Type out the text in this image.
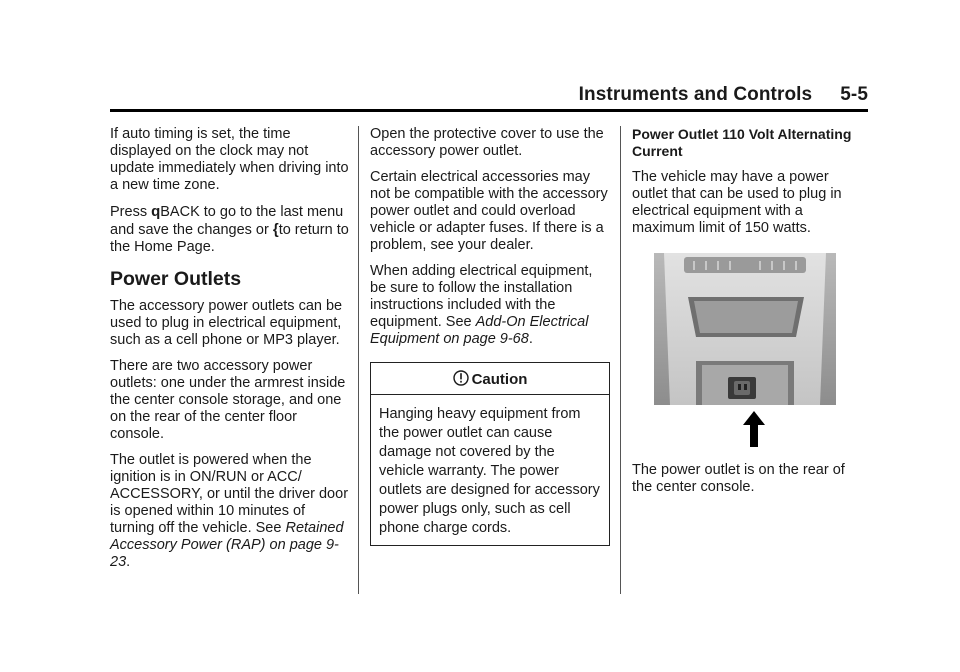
Instruments and Controls 5-5

If auto timing is set, the time displayed on the clock may not update immediately when driving into a new time zone.

Press qBACK to go to the last menu and save the changes or {to return to the Home Page.

Power Outlets

The accessory power outlets can be used to plug in electrical equipment, such as a cell phone or MP3 player.

There are two accessory power outlets: one under the armrest inside the center console storage, and one on the rear of the center floor console.

The outlet is powered when the ignition is in ON/RUN or ACC/ ACCESSORY, or until the driver door is opened within 10 minutes of turning off the vehicle. See Retained Accessory Power (RAP) on page 9-23.

Open the protective cover to use the accessory power outlet.

Certain electrical accessories may not be compatible with the accessory power outlet and could overload vehicle or adapter fuses. If there is a problem, see your dealer.

When adding electrical equipment, be sure to follow the installation instructions included with the equipment. See Add-On Electrical Equipment on page 9-68.

Caution
Hanging heavy equipment from the power outlet can cause damage not covered by the vehicle warranty. The power outlets are designed for accessory power plugs only, such as cell phone charge cords.

Power Outlet 110 Volt Alternating Current

The vehicle may have a power outlet that can be used to plug in electrical equipment with a maximum limit of 150 watts.

The power outlet is on the rear of the center console.
